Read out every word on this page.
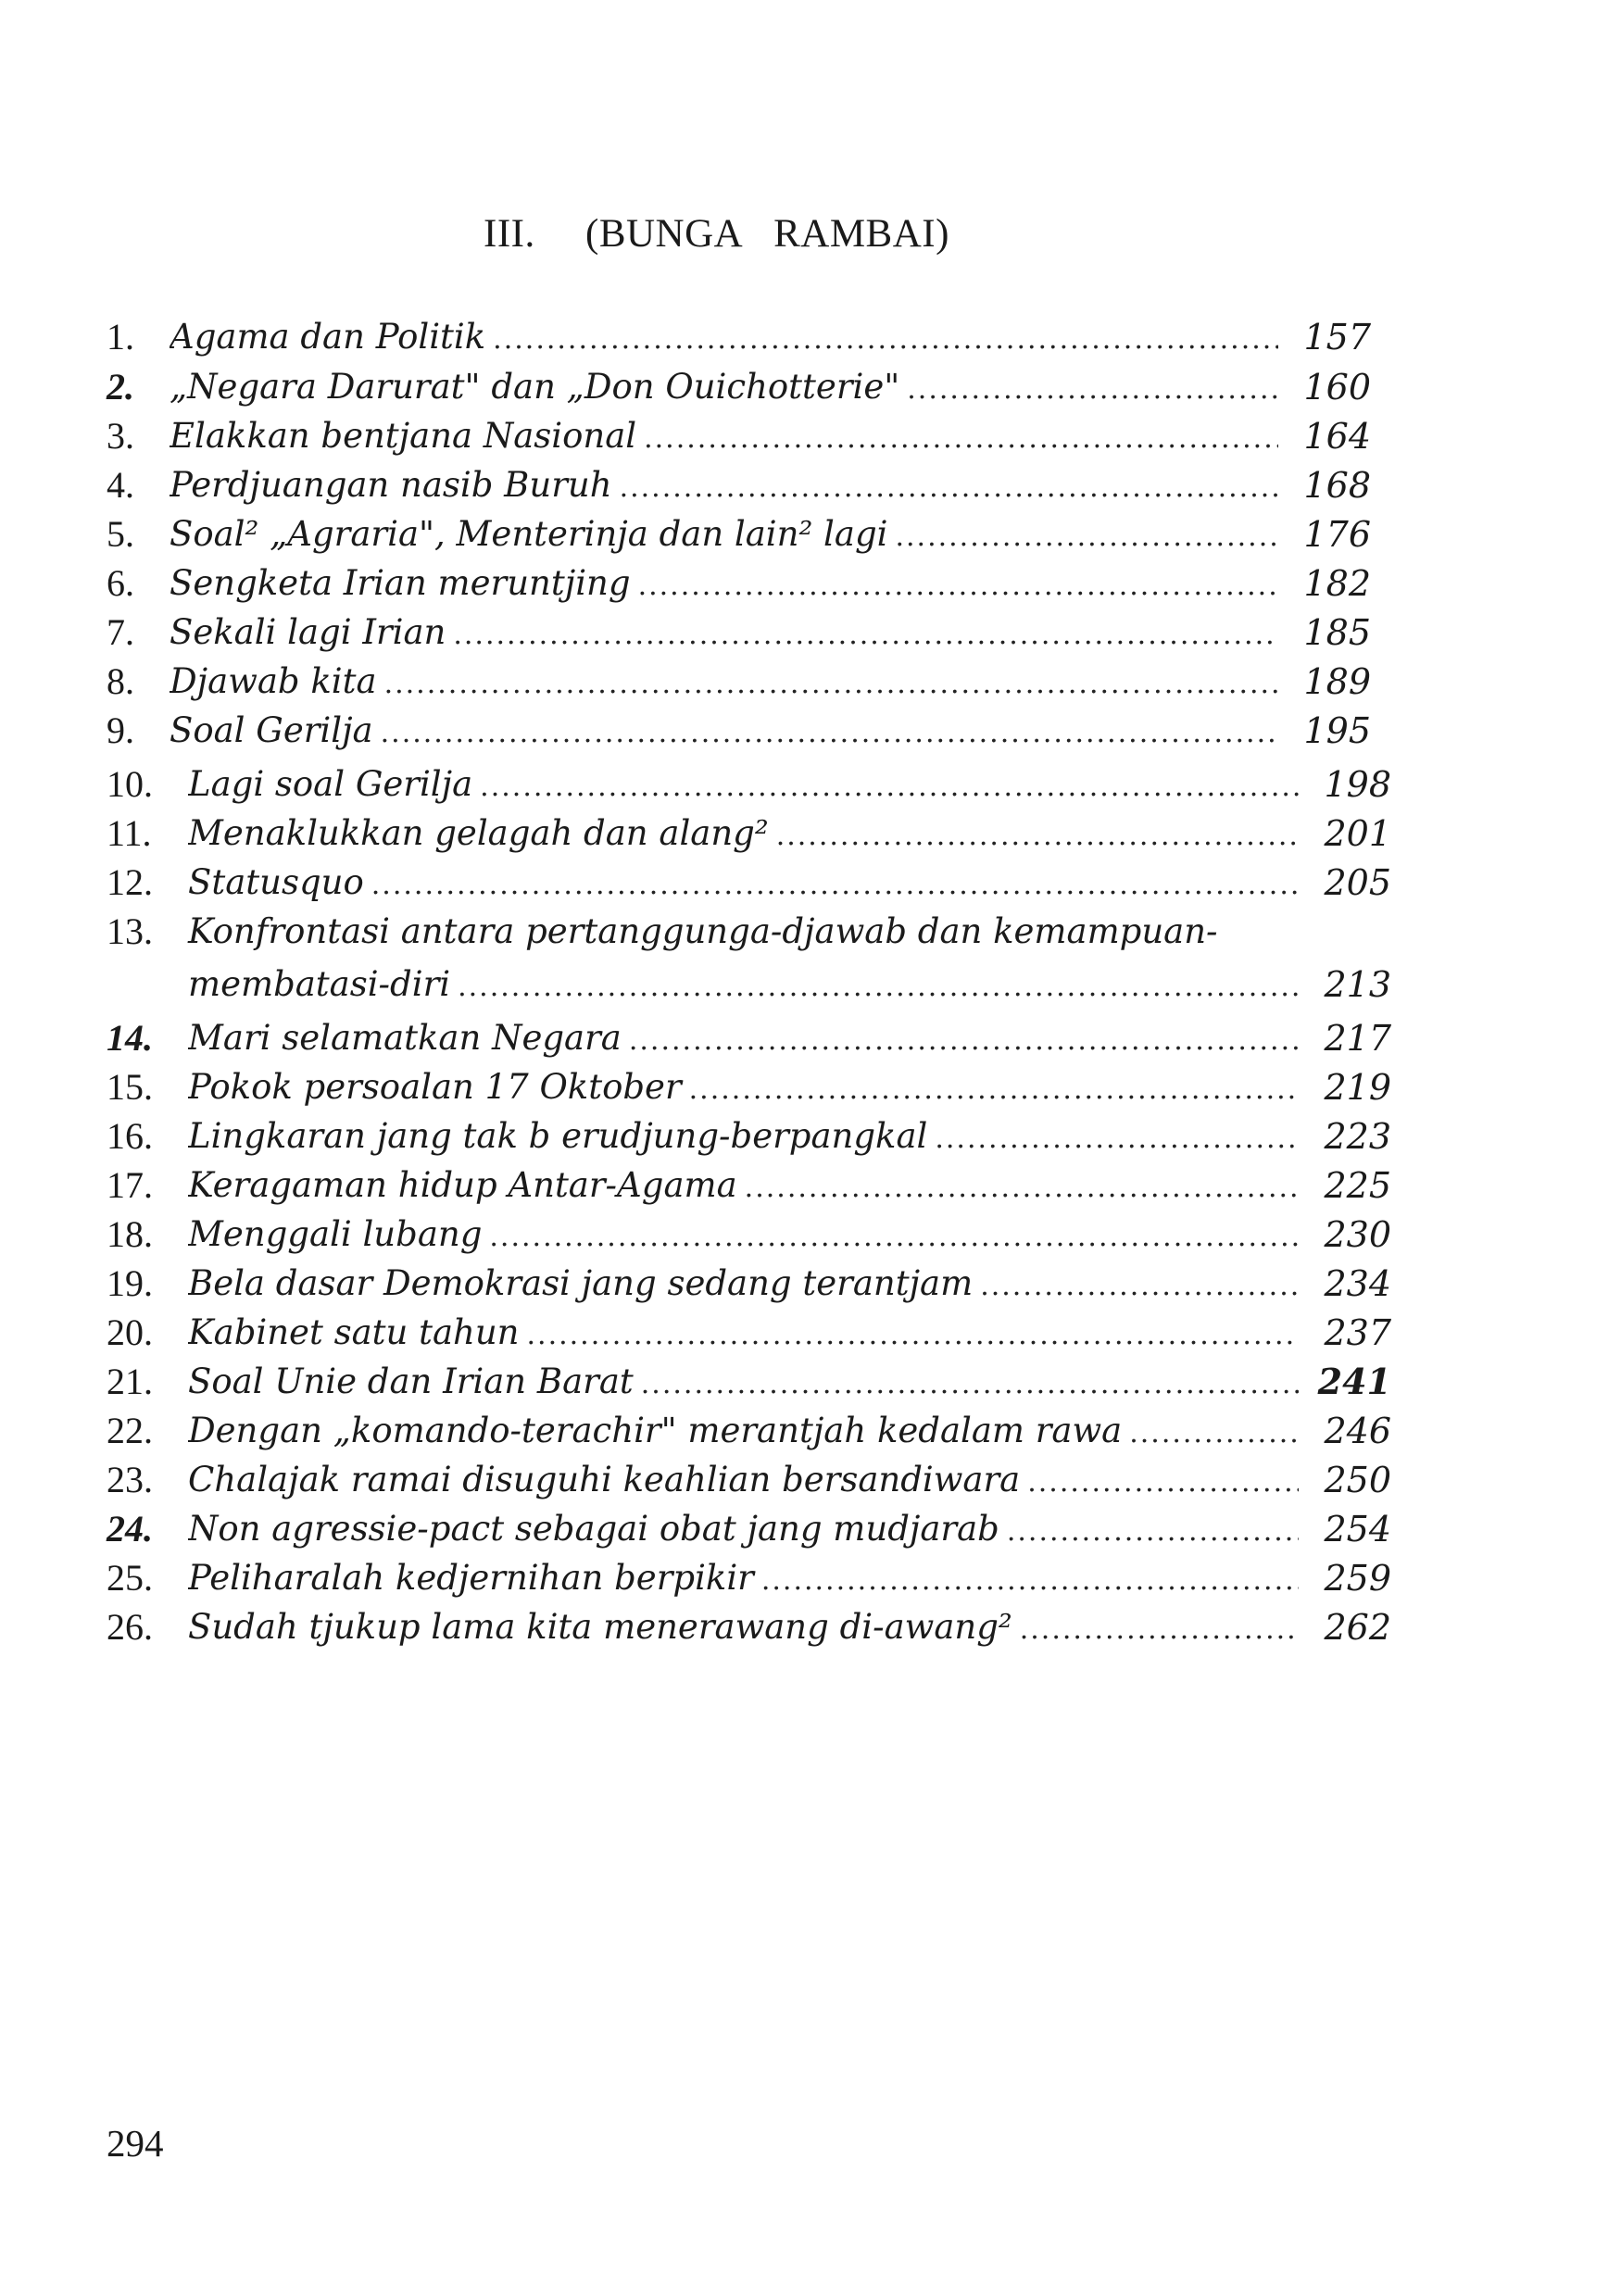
III. (BUNGA RAMBAI)
1.	Agama dan Politik .....	157
2.	„Negara Darurat" dan „Don Ouichotterie" .....	160
3.	Elakkan bentjana Nasional .....	164
4.	Perdjuangan nasib Buruh .....	168
5.	Soal² „Agraria", Menterinja dan lain² lagi .....	176
6.	Sengketa Irian meruntjing .....	182
7.	Sekali lagi Irian .....	185
8.	Djawab kita .....	189
9.	Soal Gerilja .....	195
10.	Lagi soal Gerilja .....	198
11.	Menaklukkan gelagah dan alang² .....	201
12.	Statusquo .....	205
13.	Konfrontasi antara pertanggunga-djawab dan kemampuan-
membatasi-diri .....	213
14.	Mari selamatkan Negara .....	217
15.	Pokok persoalan 17 Oktober .....	219
16.	Lingkaran jang tak b erudjung-berpangkal .....	223
17.	Keragaman hidup Antar-Agama .....	225
18.	Menggali lubang .....	230
19.	Bela dasar Demokrasi jang sedang terantjam .....	234
20.	Kabinet satu tahun .....	237
21.	Soal Unie dan Irian Barat .....	241
22.	Dengan „komando-terachir" merantjah kedalam rawa .....	246
23.	Chalajak ramai disuguhi keahlian bersandiwara .....	250
24.	Non agressie-pact sebagai obat jang mudjarab .....	254
25.	Peliharalah kedjernihan berpikir .....	259
26.	Sudah tjukup lama kita menerawang di-awang² .....	262
294
